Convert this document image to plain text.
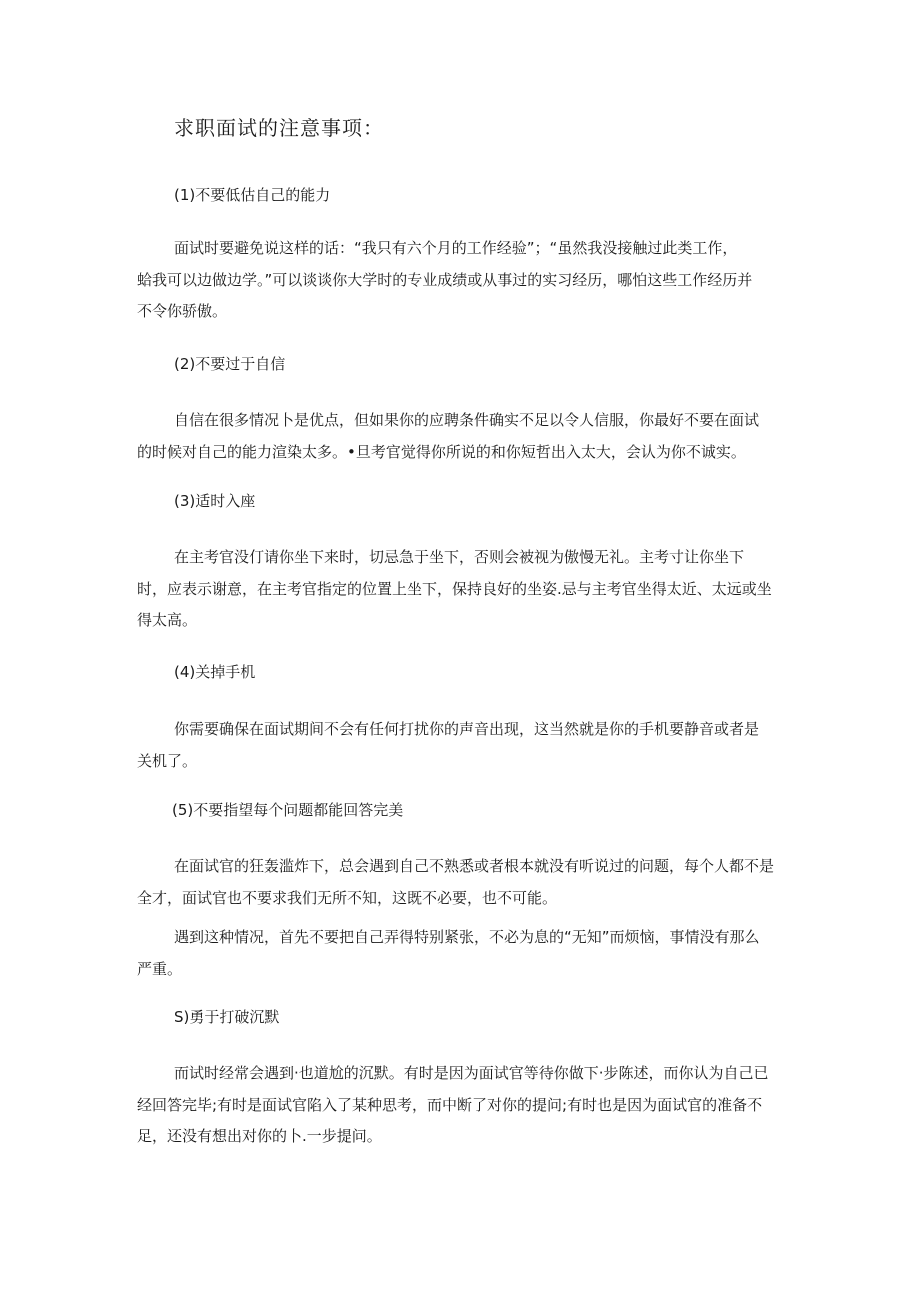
求职面试的注意事项：
(1)不要低估自己的能力
面试时要避免说这样的话：“我只有六个月的工作经验”；“虽然我没接触过此类工作，
蛤我可以边做边学。”可以谈谈你大学时的专业成绩或从事过的实习经历，哪怕这些工作经历并
不令你骄傲。
(2)不要过于自信
自信在很多情况卜是优点，但如果你的应聘条件确实不足以令人信服，你最好不要在面试
的时候对自己的能力渲染太多。•旦考官觉得你所说的和你短哲出入太大，会认为你不诚实。
(3)适时入座
在主考官没仃请你坐下来时，切忌急于坐下，否则会被视为傲慢无礼。主考寸让你坐下
时，应表示谢意，在主考官指定的位置上坐下，保持良好的坐姿.忌与主考官坐得太近、太远或坐
得太高。
(4)关掉手机
你需要确保在面试期间不会有任何打扰你的声音出现，这当然就是你的手机要静音或者是
关机了。
(5)不要指望每个问题都能回答完美
在面试官的狂轰滥炸下，总会遇到自己不熟悉或者根本就没有听说过的问题，每个人都不是
全才，面试官也不要求我们无所不知，这既不必要，也不可能。
遇到这种情况，首先不要把自己弄得特别紧张，不必为息的“无知”而烦恼，事情没有那么
严重。
S)勇于打破沉默
而试时经常会遇到·也道尬的沉默。有时是因为面试官等待你做下·步陈述，而你认为自己已
经回答完毕;有时是面试官陷入了某种思考，而中断了对你的提问;有时也是因为面试官的准备不
足，还没有想出对你的卜.一步提问。
